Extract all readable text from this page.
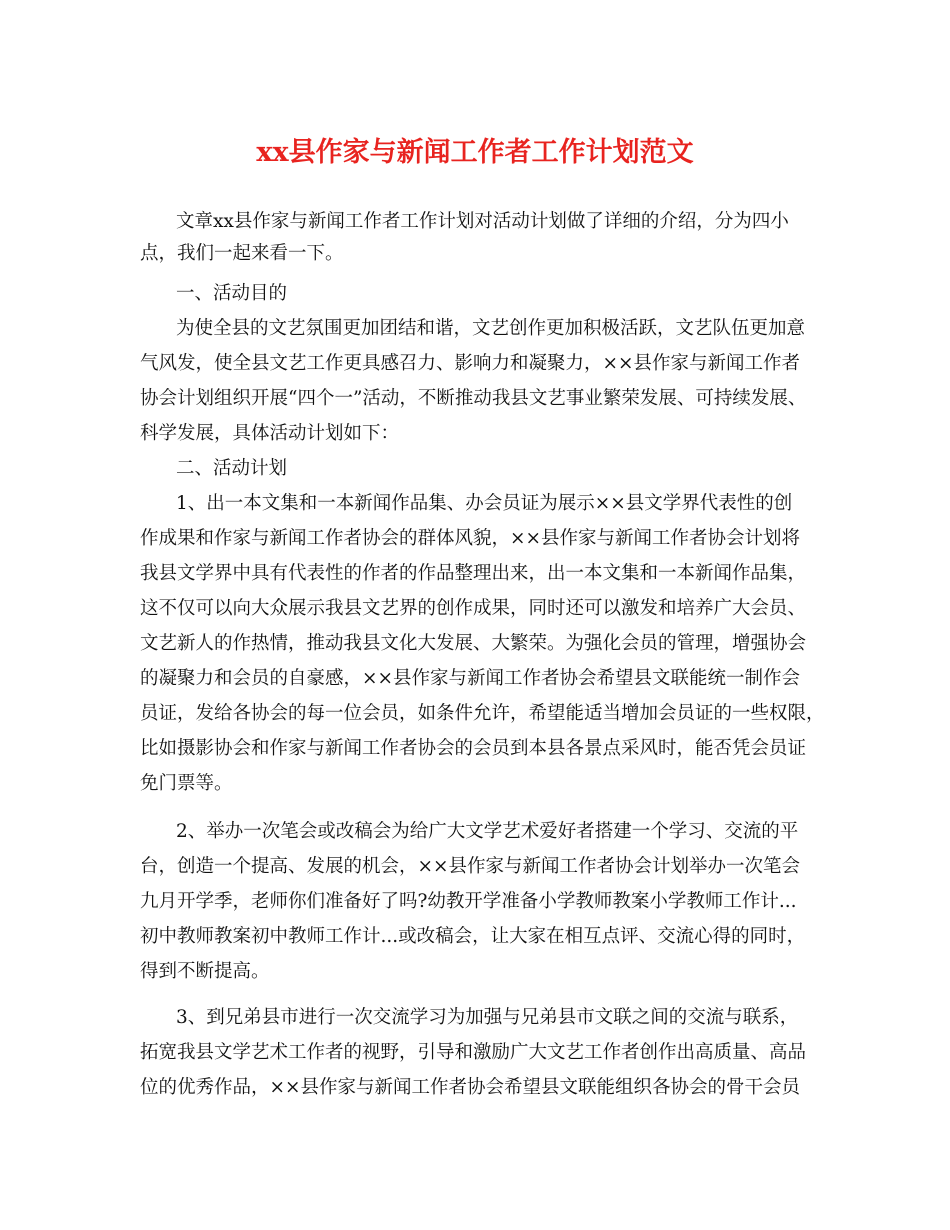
xx县作家与新闻工作者工作计划范文
文章xx县作家与新闻工作者工作计划对活动计划做了详细的介绍，分为四小
点，我们一起来看一下。
一、活动目的
为使全县的文艺氛围更加团结和谐，文艺创作更加积极活跃，文艺队伍更加意
气风发，使全县文艺工作更具感召力、影响力和凝聚力，××县作家与新闻工作者
协会计划组织开展“四个一”活动，不断推动我县文艺事业繁荣发展、可持续发展、
科学发展，具体活动计划如下：
二、活动计划
1、出一本文集和一本新闻作品集、办会员证为展示××县文学界代表性的创
作成果和作家与新闻工作者协会的群体风貌，××县作家与新闻工作者协会计划将
我县文学界中具有代表性的作者的作品整理出来，出一本文集和一本新闻作品集，
这不仅可以向大众展示我县文艺界的创作成果，同时还可以激发和培养广大会员、
文艺新人的作热情，推动我县文化大发展、大繁荣。为强化会员的管理，增强协会
的凝聚力和会员的自豪感，××县作家与新闻工作者协会希望县文联能统一制作会
员证，发给各协会的每一位会员，如条件允许，希望能适当增加会员证的一些权限，
比如摄影协会和作家与新闻工作者协会的会员到本县各景点采风时，能否凭会员证
免门票等。
2、举办一次笔会或改稿会为给广大文学艺术爱好者搭建一个学习、交流的平
台，创造一个提高、发展的机会，××县作家与新闻工作者协会计划举办一次笔会
九月开学季，老师你们准备好了吗?幼教开学准备小学教师教案小学教师工作计...
初中教师教案初中教师工作计...或改稿会，让大家在相互点评、交流心得的同时，
得到不断提高。
3、到兄弟县市进行一次交流学习为加强与兄弟县市文联之间的交流与联系，
拓宽我县文学艺术工作者的视野，引导和激励广大文艺工作者创作出高质量、高品
位的优秀作品，××县作家与新闻工作者协会希望县文联能组织各协会的骨干会员
